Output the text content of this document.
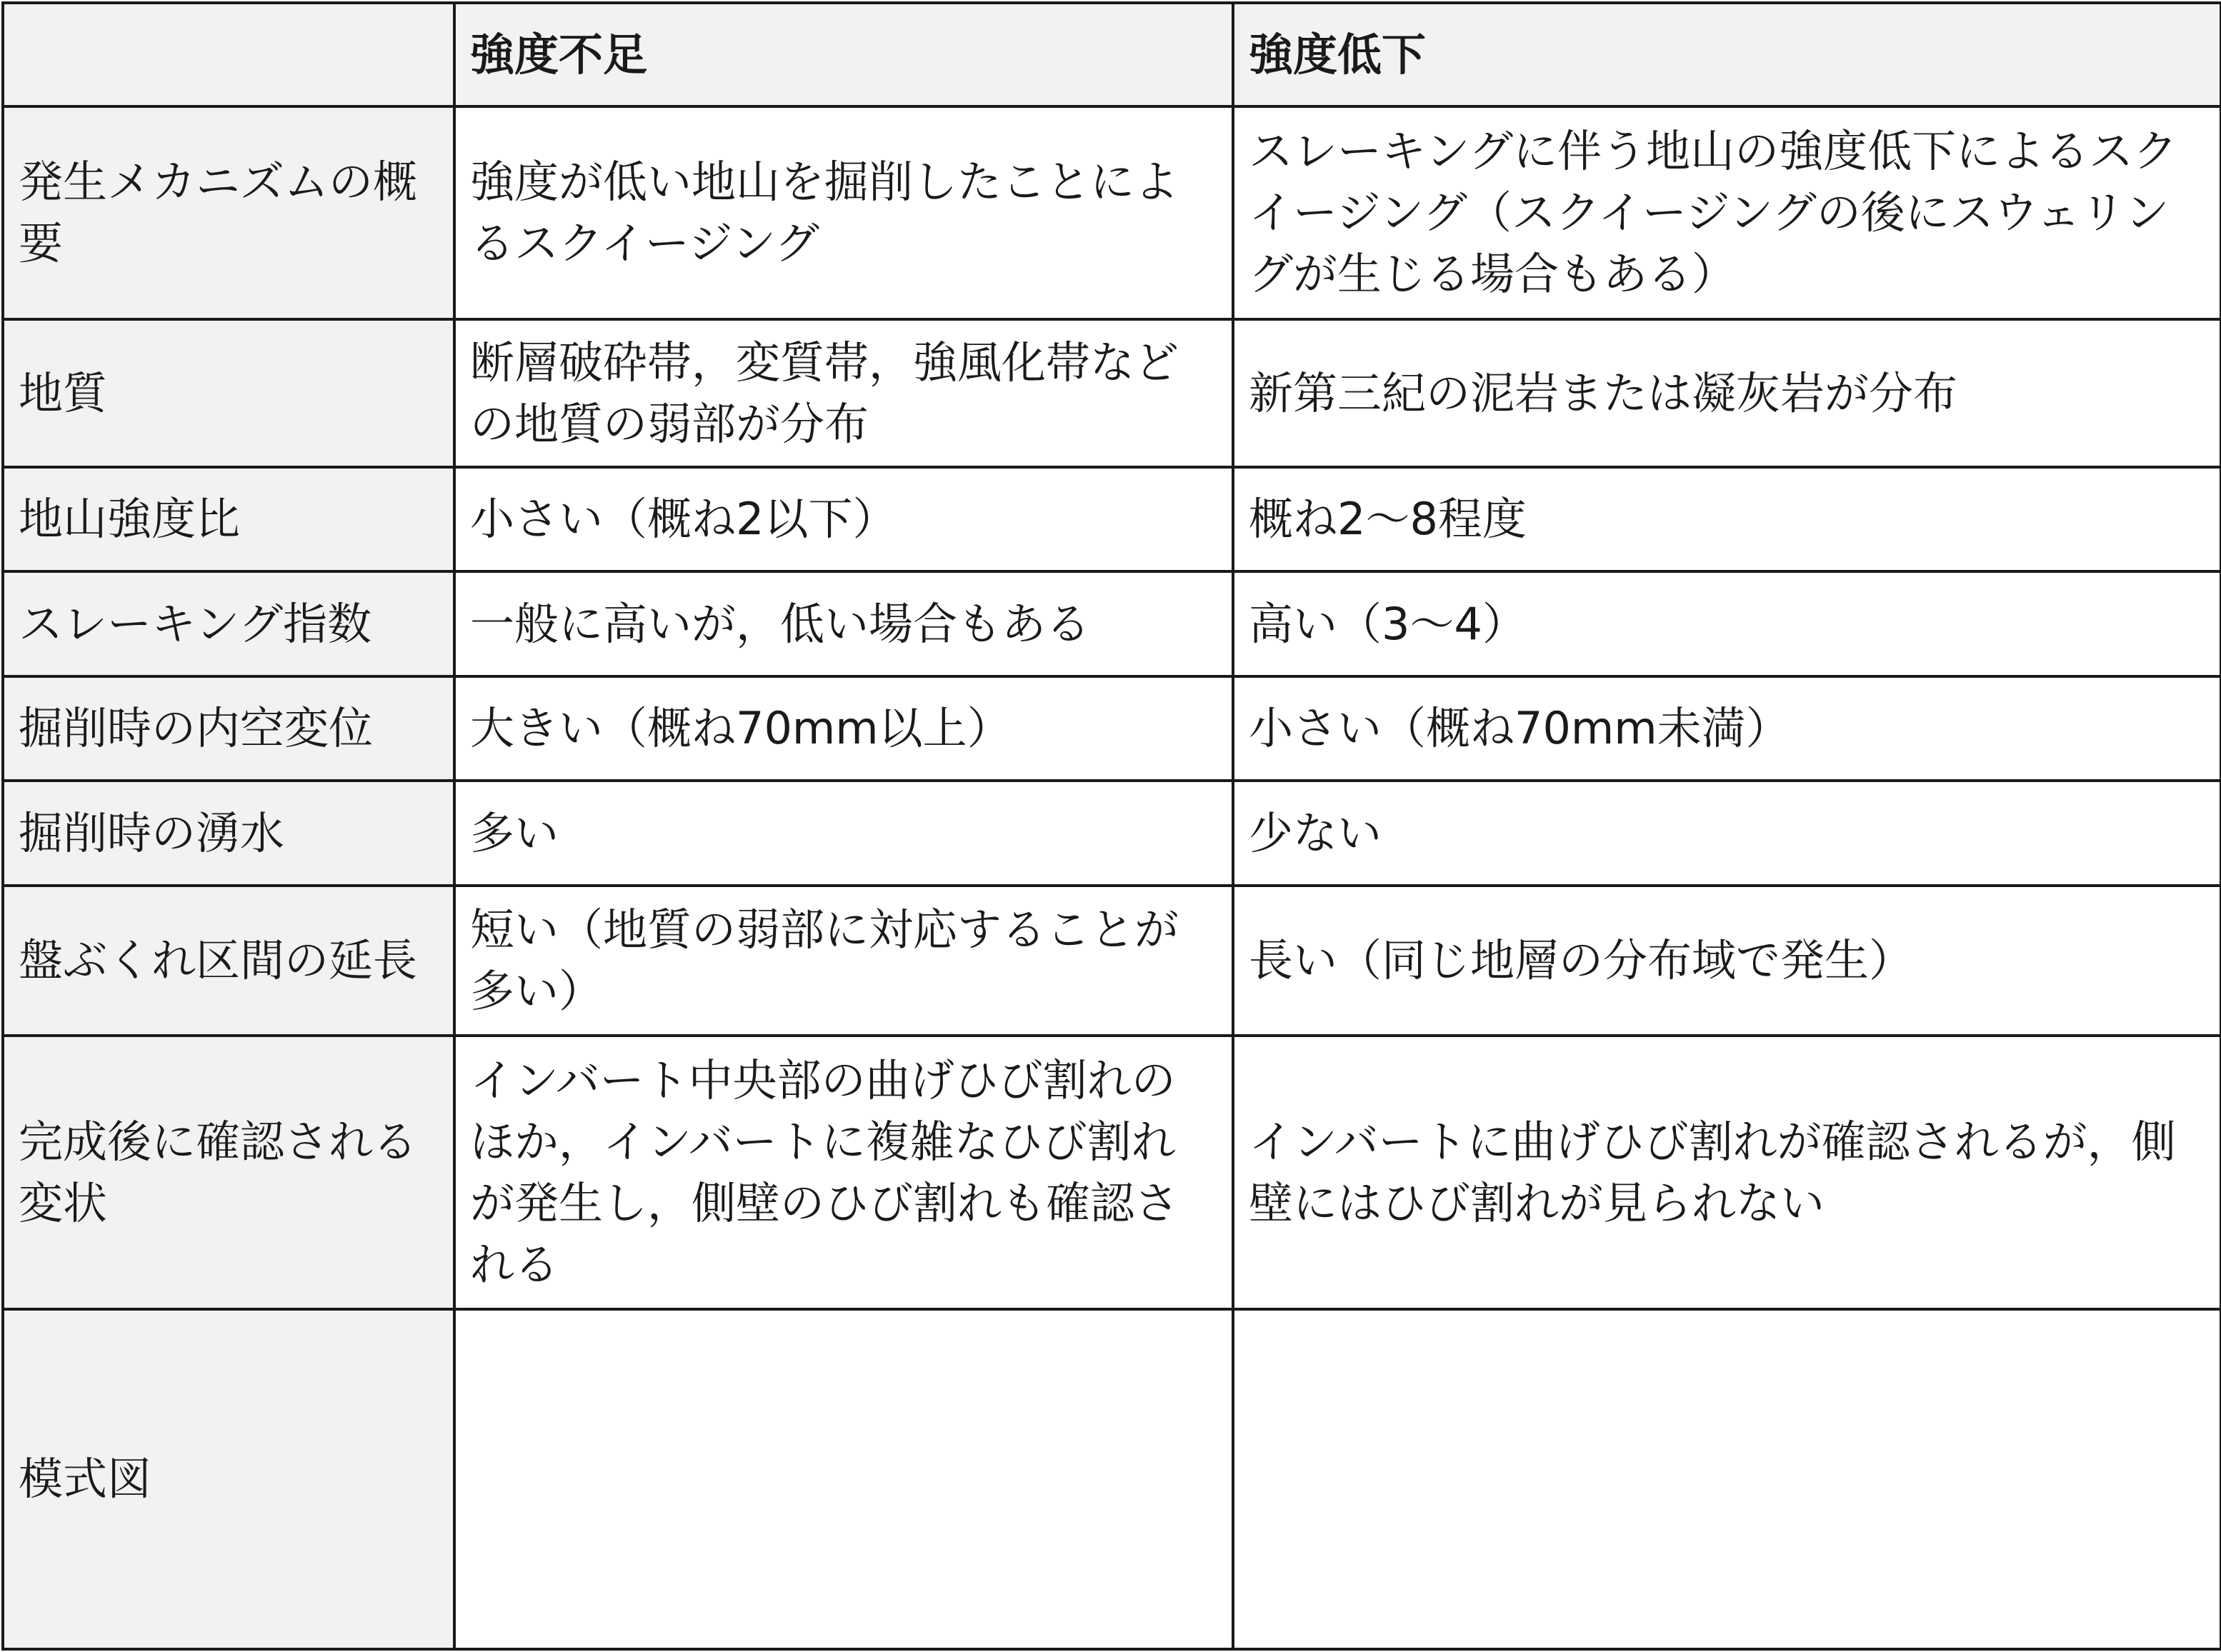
	強度不足	強度低下
発生メカニズムの概要	強度が低い地山を掘削したことによるスクイージング	スレーキングに伴う地山の強度低下によるスクイージング（スクイージングの後にスウェリングが生じる場合もある）
地質	断層破砕帯，変質帯，強風化帯などの地質の弱部が分布	新第三紀の泥岩または凝灰岩が分布
地山強度比	小さい（概ね2以下）	概ね2～8程度
スレーキング指数	一般に高いが，低い場合もある	高い（3～4）
掘削時の内空変位	大きい（概ね70mm以上）	小さい（概ね70mm未満）
掘削時の湧水	多い	少ない
盤ぶくれ区間の延長	短い（地質の弱部に対応することが多い）	長い（同じ地層の分布域で発生）
完成後に確認される変状	インバート中央部の曲げひび割れのほか，インバートに複雑なひび割れが発生し，側壁のひび割れも確認される	インバートに曲げひび割れが確認されるが，側壁にはひび割れが見られない
模式図		
